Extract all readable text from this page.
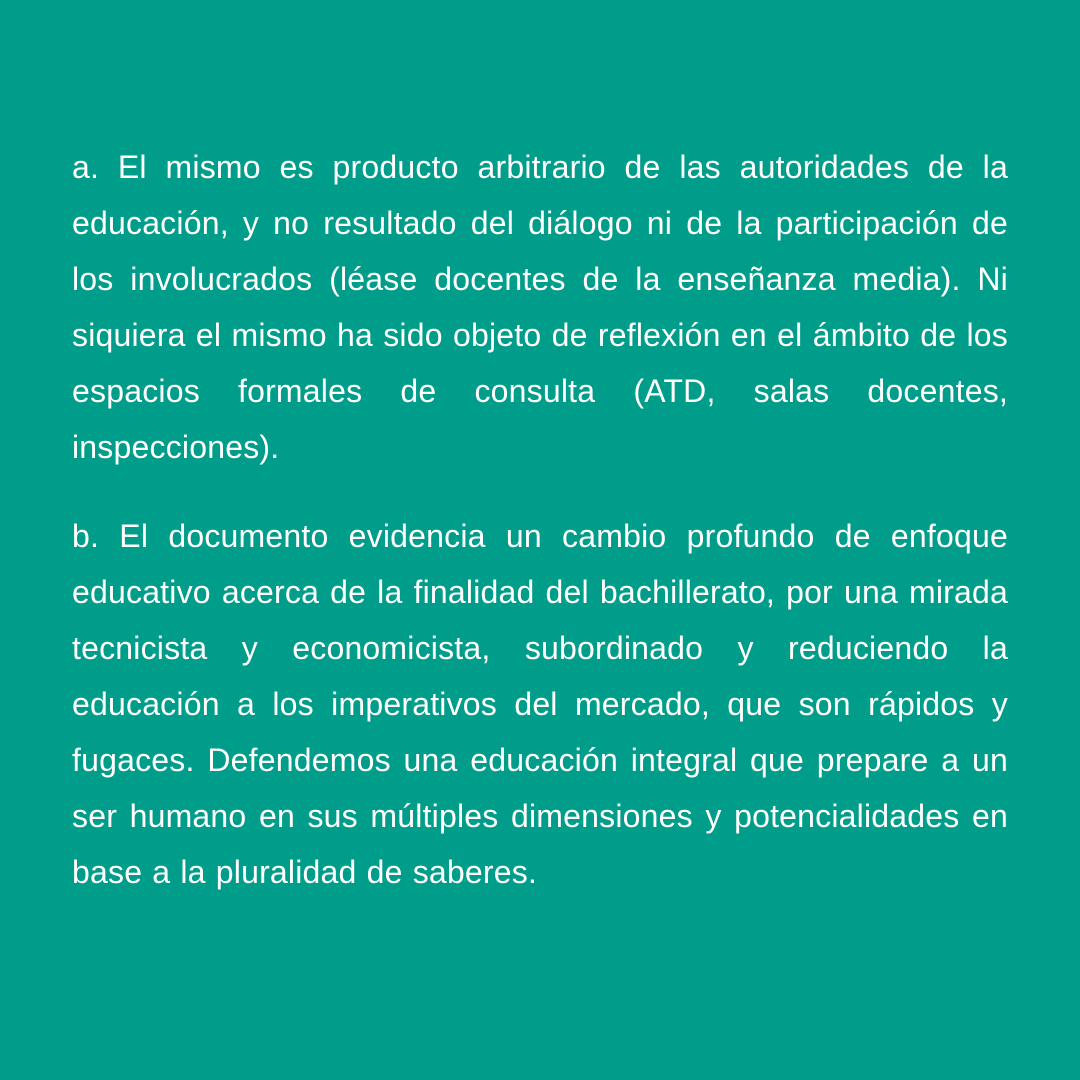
a. El mismo es producto arbitrario de las autoridades de la educación, y no resultado del diálogo ni de la participación de los involucrados (léase docentes de la enseñanza media). Ni siquiera el mismo ha sido objeto de reflexión en el ámbito de los espacios formales de consulta (ATD, salas docentes, inspecciones).

b. El documento evidencia un cambio profundo de enfoque educativo acerca de la finalidad del bachillerato, por una mirada tecnicista y economicista, subordinado y reduciendo la educación a los imperativos del mercado, que son rápidos y fugaces. Defendemos una educación integral que prepare a un ser humano en sus múltiples dimensiones y potencialidades en base a la pluralidad de saberes.
